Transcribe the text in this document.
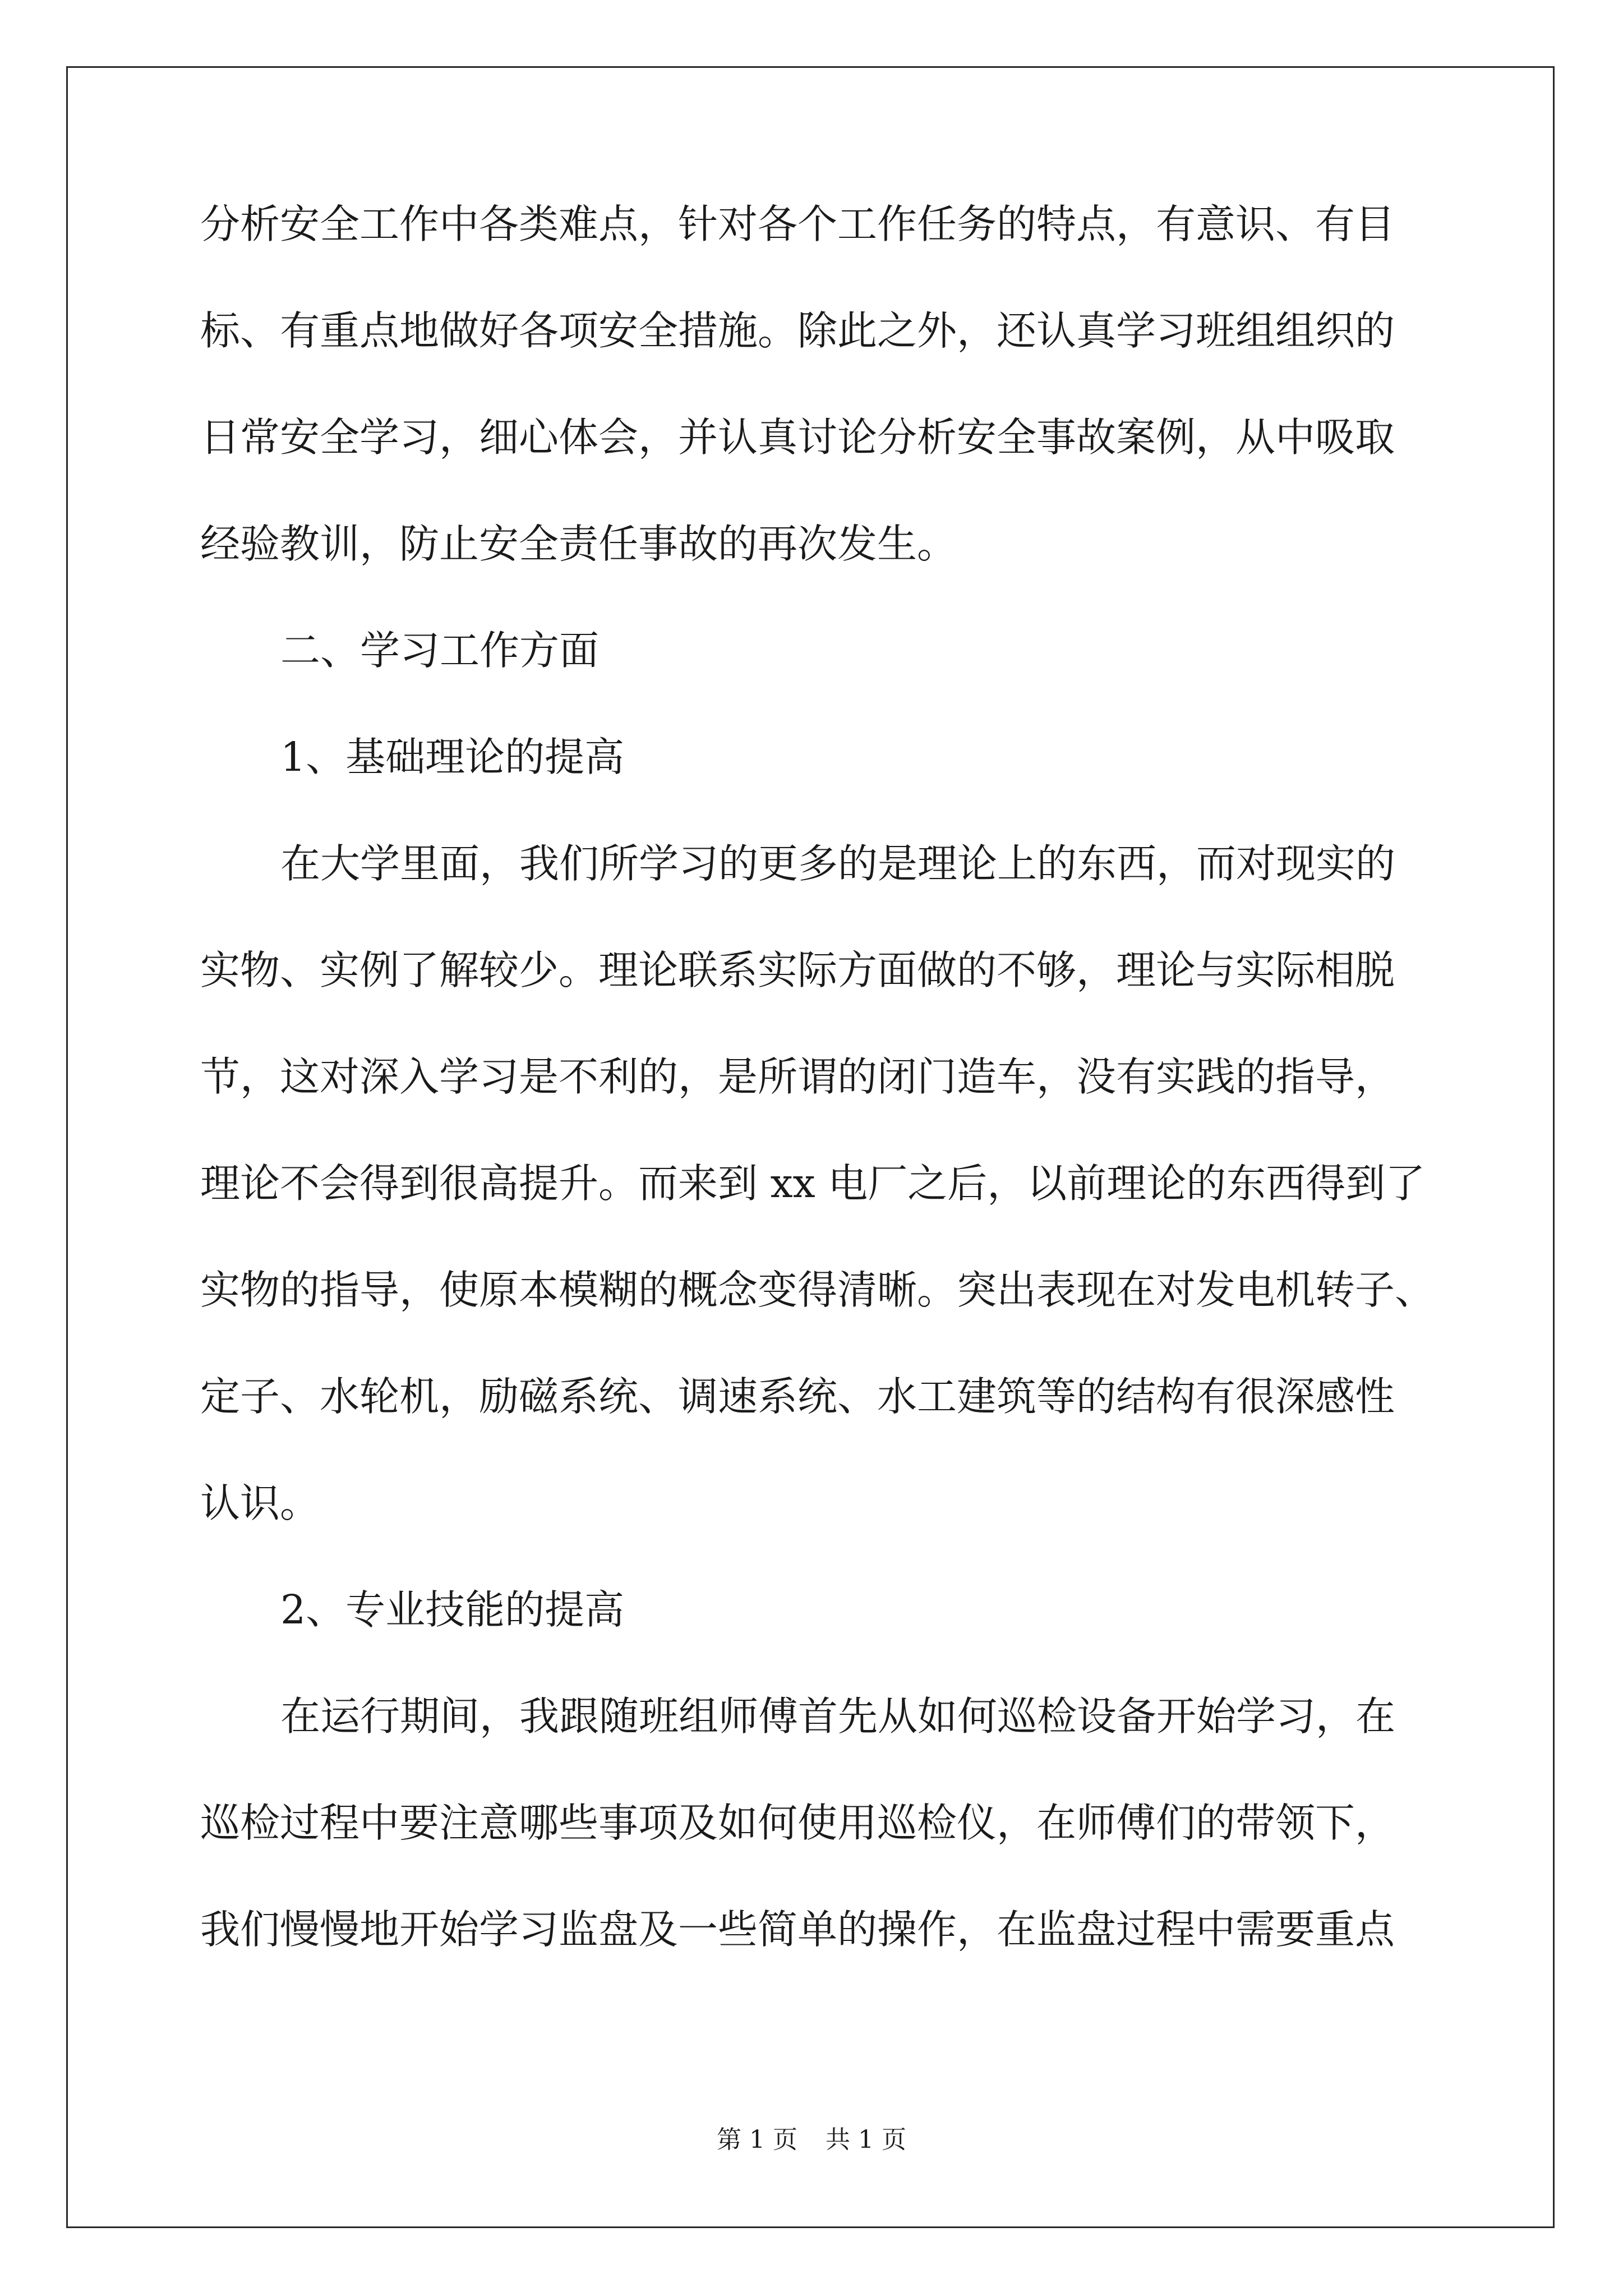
分析安全工作中各类难点，针对各个工作任务的特点，有意识、有目
标、有重点地做好各项安全措施。除此之外，还认真学习班组组织的
日常安全学习，细心体会，并认真讨论分析安全事故案例，从中吸取
经验教训，防止安全责任事故的再次发生。
二、学习工作方面
1、基础理论的提高
在大学里面，我们所学习的更多的是理论上的东西，而对现实的
实物、实例了解较少。理论联系实际方面做的不够，理论与实际相脱
节，这对深入学习是不利的，是所谓的闭门造车，没有实践的指导，
理论不会得到很高提升。而来到 xx 电厂之后，以前理论的东西得到了
实物的指导，使原本模糊的概念变得清晰。突出表现在对发电机转子、
定子、水轮机，励磁系统、调速系统、水工建筑等的结构有很深感性
认识。
2、专业技能的提高
在运行期间，我跟随班组师傅首先从如何巡检设备开始学习，在
巡检过程中要注意哪些事项及如何使用巡检仪，在师傅们的带领下，
我们慢慢地开始学习监盘及一些简单的操作，在监盘过程中需要重点
第 1 页 共 1 页
